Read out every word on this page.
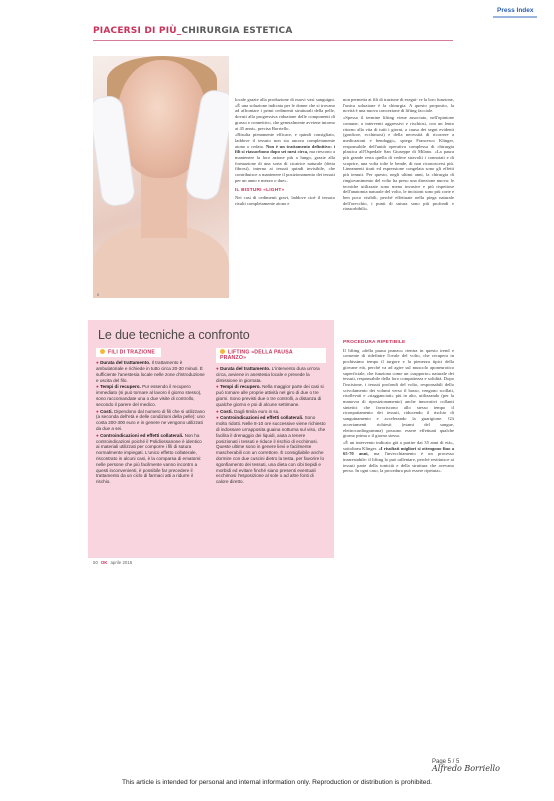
Press Index
PIACERSI DI PIÙ_CHIRURGIA ESTETICA
8

locale grazie alla produzione di nuovi vasi sanguigni. «È una soluzione indicata per le donne che si trovano ad affrontare i primi cedimenti strutturali della pelle, dovuti alla progressiva riduzione delle componenti di grasso e connettivo, che generalmente avviene intorno ai 45 anni», precisa Borriello.

«Risulta pienamente efficace, e quindi consigliato, laddove il tessuto non sia ancora completamente atono o cedato. Non è un trattamento definitivo: i fili si riassorbono dopo sei mesi circa, ma riescono a mantenere la loro azione più a lungo, grazie alla formazione di una sorta di cicatrice naturale (detta fibrosi), interna ai tessuti quindi invisibile, che contribuisce a mantenere il posizionamento dei tessuti per un anno e mezzo o due».

IL BISTURI «LIGHT»

Nei casi di cedimenti gravi, laddove cioè il tessuto risulti completamente atono e

non permetta ai fili di trazione di esegui- re la loro funzione, l'unica soluzione è la chirurgia. A questo proposito, la novità è una nuova concezione di lifting facciale.

«Spesso il termine lifting viene associato, nell'opinione comune, a interventi aggressivi e rischiosi, con un lento ritorno alla vita di tutti i giorni, a causa dei segni evidenti (gonfiore, ecchimosi) e della necessità di ricorrere a medicazioni e bendaggi», spiega Francesco Klinger, responsabile dell'unità operativa complessa di chirurgia plastica all'Ospedale San Giuseppe di Milano. «La paura più grande resta quella di vedere stravolti i connotati e di scoprire, una volta tolte le bende, di non riconoscersi più. Lineamenti tirati ed espressione congelata sono gli effetti più temuti. Per questo, negli ultimi anni, la chirurgia di ringiovanimento del volto ha preso una direzione nuova: le tecniche utilizzate sono meno invasive e più rispettose dell'anatomia naturale del volto, le incisioni sono più corte e ben poco visibili, perché effettuate nella piega naturale dell'orecchio, i punti di sutura sono più profondi e riassorbibili».

PROCEDURA RIPETIBILE

Il lifting «della pausa pranzo» rientra in questo trend e consente di ridefinire l'ovale del volto, che recupera in pochissimo tempo il turgore e la pienezza tipici della giovane età, perché va ad agire sul muscolo aponeurotico superficiale, che funziona come un «supporto» naturale dei tessuti, responsabile della loro compattezza e solidità. Dopo l'incisione, i tessuti profondi del volto, responsabili dello scivolamento dei volumi verso il basso, vengono scollati, risollevati e «riagganciati» più in alto, utilizzando (per la manovra di riposizionamento) anche innovativi collanti sintetici che favoriscono allo stesso tempo il riconpattamento dei tessuti, riducendo il rischio di sanguinamento e accelerando la guarigione. Gli accertamenti richiesti (esami del sangue, elettrocardiogramma) possono essere effettuati qualche giorno prima o il giorno stesso.

«È un intervento indicato già a partire dai 35 anni di età», sottolinea Klinger. «I risultati migliori si ottengono fino a 65-70 anni, ma l'invecchiamento è un processo inarrestabile: il lifting lo può rallentare, perché restituisce ai tessuti parte della tonicità e della struttura che avevano perso. In ogni caso, la procedura può essere ripetuta».

Le due tecniche a confronto
FILI DI TRAZIONE

● Durata del trattamento. Il trattamento è ambulatoriale e richiede in tutto circa 20-30 minuti. È sufficiente l'anestesia locale nelle zone d'introduzione e uscita del filo.

● Tempi di recupero. Pur essendo il recupero immediato (si può tornare al lavoro il giorno stesso), sono raccomandate una o due visite di controllo, secondo il parere del medico.

● Costi. Dipendono dal numero di fili che si utilizzano (a seconda dell'età e delle condizioni della pelle): uno costa 200-300 euro e in genere ne vengono utilizzati da due a sei.

● Controindicazioni ed effetti collaterali. Non ha controindicazioni poiché il Polidiossanone è identico ai materiali utilizzati per comporre i fili di sutura normalmente impiegati. L'unico effetto collaterale, riscontrato in alcuni casi, è la comparsa di ematomi: nelle persone che più facilmente vanno incontro a questi inconvenienti, è possibile far precedere il trattamento da un ciclo di farmaci atti a ridurre il rischio.

LIFTING «DELLA PAUSA PRANZO»

● Durata del trattamento. L'intervento dura un'ora circa, avviene in anestesia locale e prevede la dimissione in giornata.

● Tempi di recupero. Nella maggior parte dei casi si può tornare alle proprie attività nel giro di due o tre giorni. Sono previsti due o tre controlli, a distanza di qualche giorno e poi di alcune settimane.

● Costi. Dagli 8mila euro in su.

● Controindicazioni ed effetti collaterali. Sono molto ridotti. Nelle 8-10 ore successive viene richiesto di indossare un'apposita guaina notturna sul viso, che facilita il drenaggio dei liquidi, aiuta a tenere posizionati i tessuti e riduce il rischio di ecchimosi. Queste ultime sono in genere lievi e facilmente mascherabili con un correttore. È consigliabile anche dormire con due cuscini dietro la testa, per favorire lo sgonfiamento dei tessuti, una dieta con cibi tiepidi e morbidi ed evitare finché siano presenti eventuali ecchimosi l'esposizione al sole o ad altre fonti di calore diretto.

50 OK aprile 2015
Page 5 / 5
Alfredo Borriello
This article is intended for personal and internal information only. Reproduction or distribution is prohibited.
